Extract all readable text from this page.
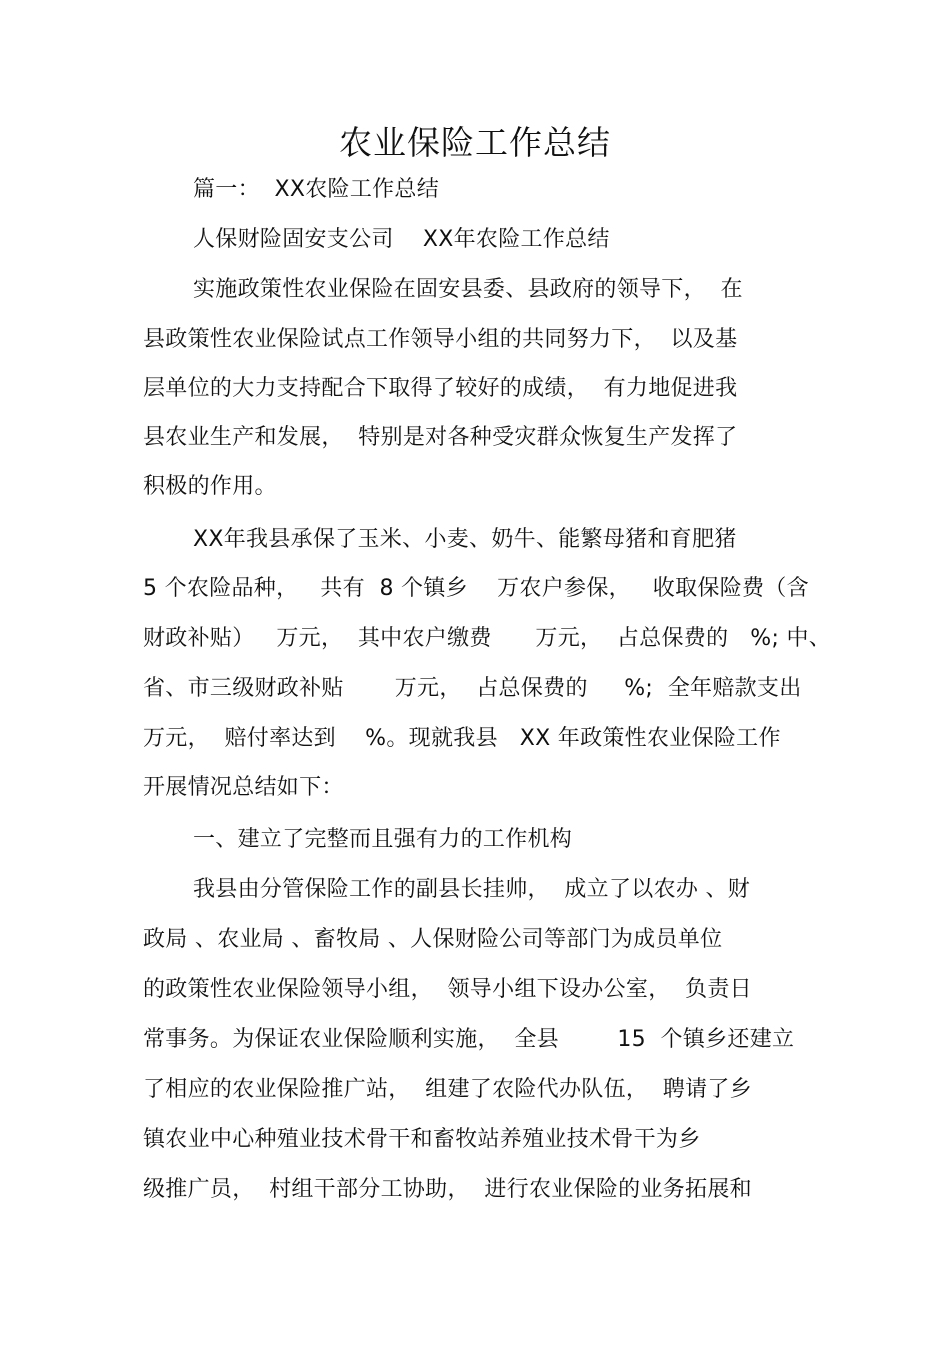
农业保险工作总结
篇一：  XX农险工作总结
人保财险固安支公司    XX年农险工作总结
实施政策性农业保险在固安县委、县政府的领导下，  在
县政策性农业保险试点工作领导小组的共同努力下，  以及基
层单位的大力支持配合下取得了较好的成绩，  有力地促进我
县农业生产和发展，  特别是对各种受灾群众恢复生产发挥了
积极的作用。
XX年我县承保了玉米、小麦、奶牛、能繁母猪和育肥猪
5 个农险品种，   共有  8 个镇乡    万农户参保，   收取保险费（含
财政补贴）   万元，  其中农户缴费      万元，  占总保费的   %; 中、
省、市三级财政补贴       万元，  占总保费的     %;  全年赔款支出
万元，  赔付率达到    %。现就我县   XX 年政策性农业保险工作
开展情况总结如下：
一、建立了完整而且强有力的工作机构
我县由分管保险工作的副县长挂帅，  成立了以农办 、财
政局 、农业局 、畜牧局 、人保财险公司等部门为成员单位
的政策性农业保险领导小组，  领导小组下设办公室，  负责日
常事务。为保证农业保险顺利实施，  全县        15  个镇乡还建立
了相应的农业保险推广站，  组建了农险代办队伍，  聘请了乡
镇农业中心种殖业技术骨干和畜牧站养殖业技术骨干为乡
级推广员，  村组干部分工协助，  进行农业保险的业务拓展和
